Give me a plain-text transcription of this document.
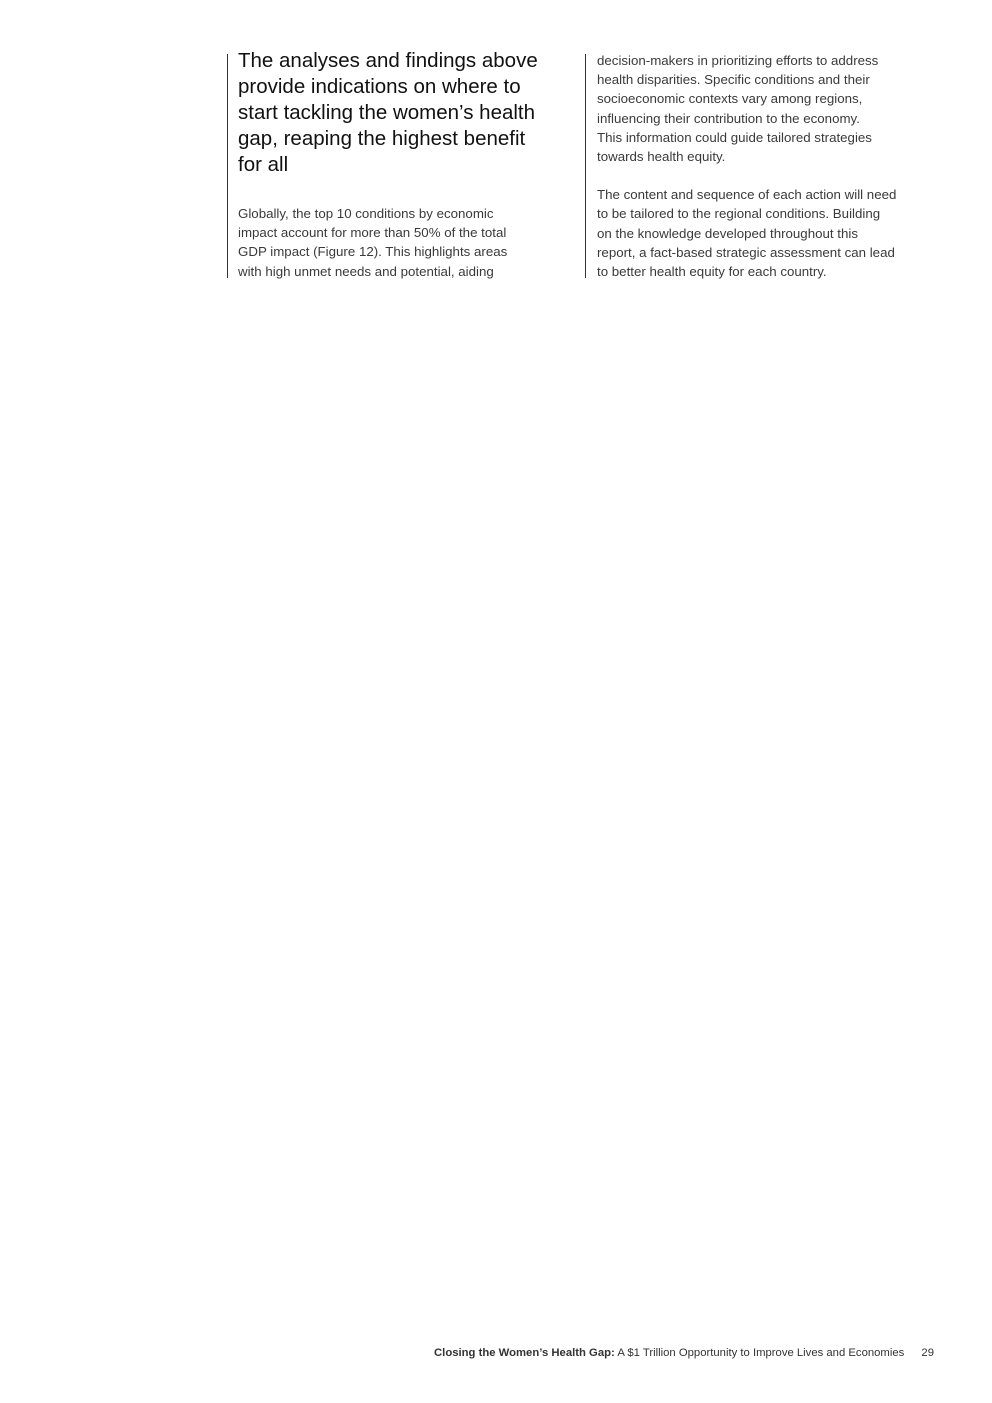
The analyses and findings above
provide indications on where to
start tackling the women’s health
gap, reaping the highest benefit
for all

Globally, the top 10 conditions by economic
impact account for more than 50% of the total
GDP impact (Figure 12). This highlights areas
with high unmet needs and potential, aiding

decision-makers in prioritizing efforts to address
health disparities. Specific conditions and their
socioeconomic contexts vary among regions,
influencing their contribution to the economy.
This information could guide tailored strategies
towards health equity.

The content and sequence of each action will need
to be tailored to the regional conditions. Building
on the knowledge developed throughout this
report, a fact-based strategic assessment can lead
to better health equity for each country.

Closing the Women’s Health Gap: A $1 Trillion Opportunity to Improve Lives and Economies 29
